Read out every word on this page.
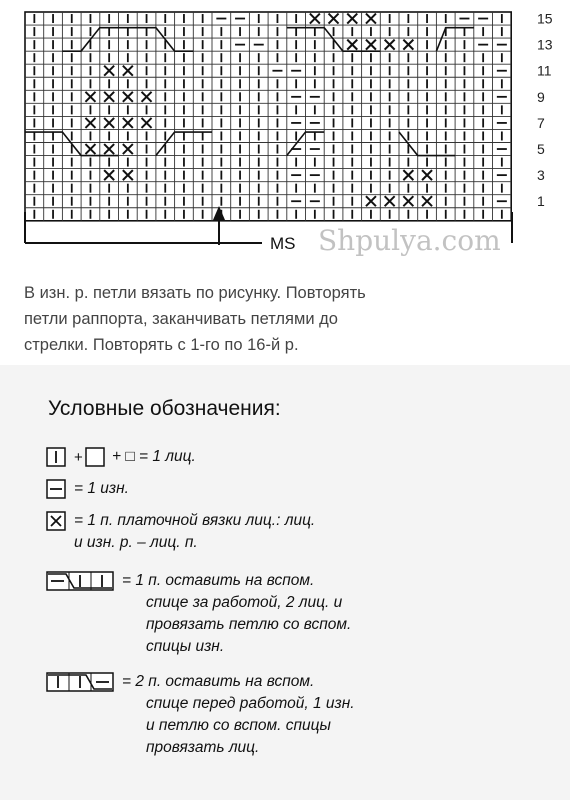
15
13
11
9
7
5
3
1
MS Shpulya.com

В изн. р. петли вязать по рисунку. Повторять
петли раппорта, заканчивать петлями до
стрелки. Повторять с 1-го по 16-й р.

Условные обозначения:
+ + □ = 1 лиц.
= 1 изн.
= 1 п. платочной вязки лиц.: лиц.
и изн. р. – лиц. п.
= 1 п. оставить на вспом.
спице за работой, 2 лиц. и
провязать петлю со вспом.
спицы изн.
= 2 п. оставить на вспом.
спице перед работой, 1 изн.
и петлю со вспом. спицы
провязать лиц.
